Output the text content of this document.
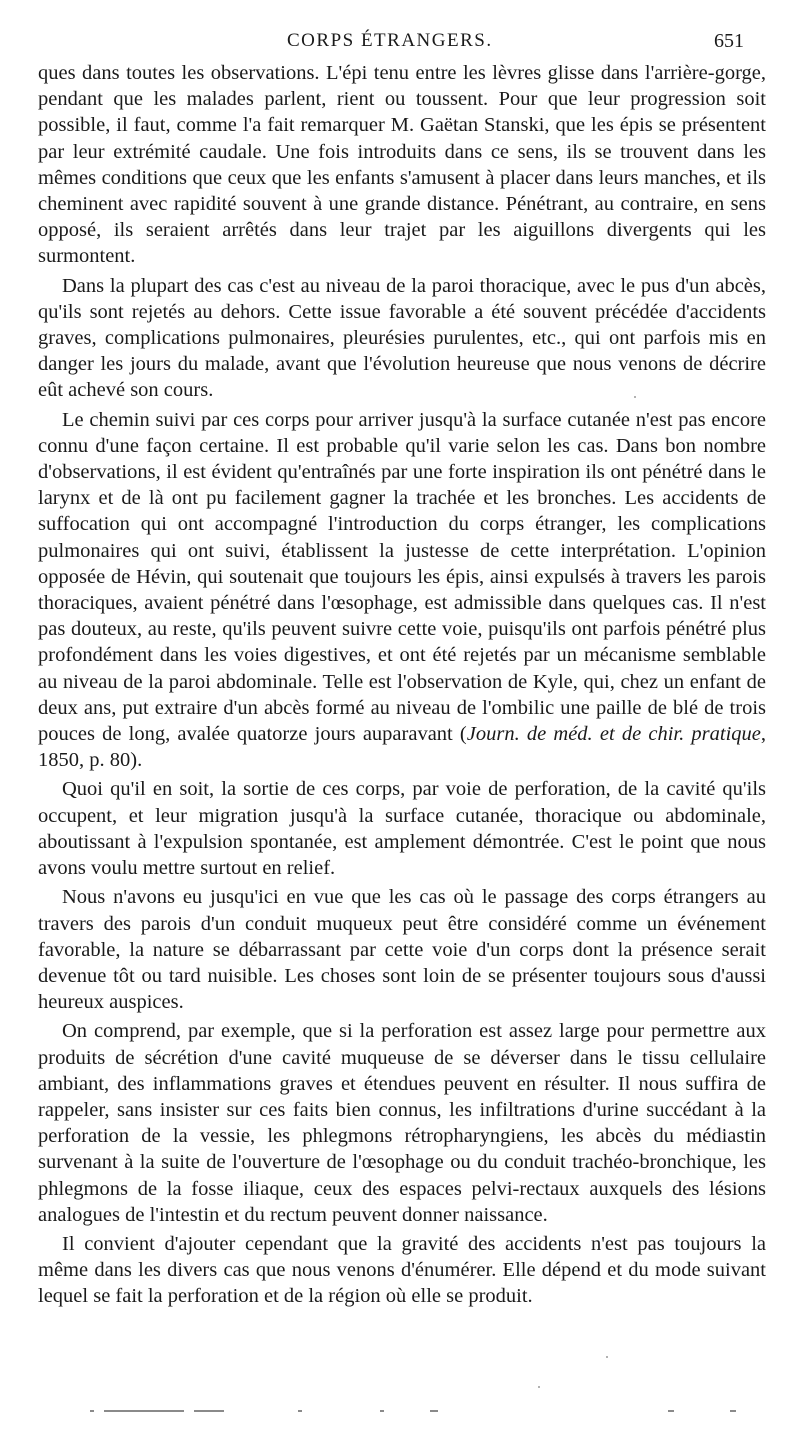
CORPS ÉTRANGERS.	651

ques dans toutes les observations. L'épi tenu entre les lèvres glisse dans l'arrière-gorge, pendant que les malades parlent, rient ou toussent. Pour que leur progression soit possible, il faut, comme l'a fait remarquer M. Gaëtan Stanski, que les épis se présentent par leur extrémité caudale. Une fois introduits dans ce sens, ils se trouvent dans les mêmes conditions que ceux que les enfants s'amusent à placer dans leurs manches, et ils cheminent avec rapidité souvent à une grande distance. Pénétrant, au contraire, en sens opposé, ils seraient arrêtés dans leur trajet par les aiguillons divergents qui les surmontent.

Dans la plupart des cas c'est au niveau de la paroi thoracique, avec le pus d'un abcès, qu'ils sont rejetés au dehors. Cette issue favorable a été souvent précédée d'accidents graves, complications pulmonaires, pleurésies purulentes, etc., qui ont parfois mis en danger les jours du malade, avant que l'évolution heureuse que nous venons de décrire eût achevé son cours.

Le chemin suivi par ces corps pour arriver jusqu'à la surface cutanée n'est pas encore connu d'une façon certaine. Il est probable qu'il varie selon les cas. Dans bon nombre d'observations, il est évident qu'entraînés par une forte inspiration ils ont pénétré dans le larynx et de là ont pu facilement gagner la trachée et les bronches. Les accidents de suffocation qui ont accompagné l'introduction du corps étranger, les complications pulmonaires qui ont suivi, établissent la justesse de cette interprétation. L'opinion opposée de Hévin, qui soutenait que toujours les épis, ainsi expulsés à travers les parois thoraciques, avaient pénétré dans l'œsophage, est admissible dans quelques cas. Il n'est pas douteux, au reste, qu'ils peuvent suivre cette voie, puisqu'ils ont parfois pénétré plus profondément dans les voies digestives, et ont été rejetés par un mécanisme semblable au niveau de la paroi abdominale. Telle est l'observation de Kyle, qui, chez un enfant de deux ans, put extraire d'un abcès formé au niveau de l'ombilic une paille de blé de trois pouces de long, avalée quatorze jours auparavant (Journ. de méd. et de chir. pratique, 1850, p. 80).

Quoi qu'il en soit, la sortie de ces corps, par voie de perforation, de la cavité qu'ils occupent, et leur migration jusqu'à la surface cutanée, thoracique ou abdominale, aboutissant à l'expulsion spontanée, est amplement démontrée. C'est le point que nous avons voulu mettre surtout en relief.

Nous n'avons eu jusqu'ici en vue que les cas où le passage des corps étrangers au travers des parois d'un conduit muqueux peut être considéré comme un événement favorable, la nature se débarrassant par cette voie d'un corps dont la présence serait devenue tôt ou tard nuisible. Les choses sont loin de se présenter toujours sous d'aussi heureux auspices.

On comprend, par exemple, que si la perforation est assez large pour permettre aux produits de sécrétion d'une cavité muqueuse de se déverser dans le tissu cellulaire ambiant, des inflammations graves et étendues peuvent en résulter. Il nous suffira de rappeler, sans insister sur ces faits bien connus, les infiltrations d'urine succédant à la perforation de la vessie, les phlegmons rétropharyngiens, les abcès du médiastin survenant à la suite de l'ouverture de l'œsophage ou du conduit trachéo-bronchique, les phlegmons de la fosse iliaque, ceux des espaces pelvi-rectaux auxquels des lésions analogues de l'intestin et du rectum peuvent donner naissance.

Il convient d'ajouter cependant que la gravité des accidents n'est pas toujours la même dans les divers cas que nous venons d'énumérer. Elle dépend et du mode suivant lequel se fait la perforation et de la région où elle se produit.
